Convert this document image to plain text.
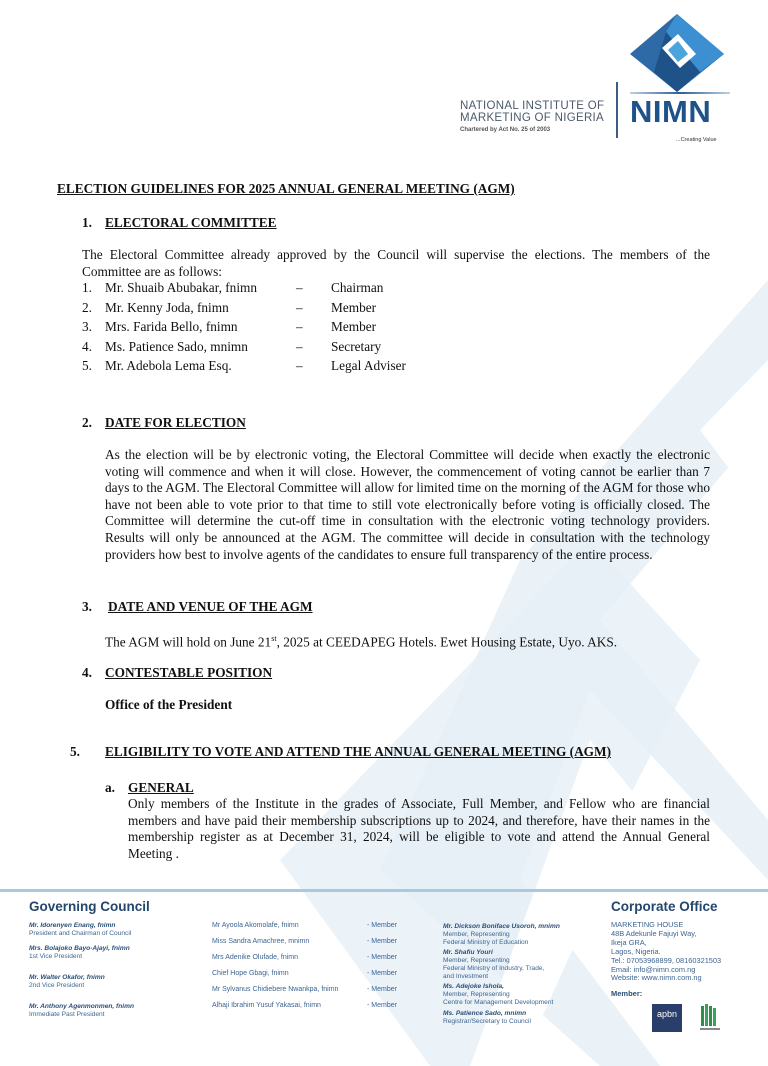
NATIONAL INSTITUTE OF
MARKETING OF NIGERIA
Chartered by Act No. 25 of 2003
NIMN
...Creating Value
ELECTION GUIDELINES FOR 2025 ANNUAL GENERAL MEETING (AGM)
1. ELECTORAL COMMITTEE
The Electoral Committee already approved by the Council will supervise the elections. The members of the Committee are as follows:
1. Mr. Shuaib Abubakar, fnimn	– Chairman
2. Mr. Kenny Joda, fnimn	– Member
3. Mrs. Farida Bello, fnimn	– Member
4. Ms. Patience Sado, mnimn	– Secretary
5. Mr. Adebola Lema Esq.	– Legal Adviser
2. DATE FOR ELECTION
As the election will be by electronic voting, the Electoral Committee will decide when exactly the electronic voting will commence and when it will close. However, the commencement of voting cannot be earlier than 7 days to the AGM. The Electoral Committee will allow for limited time on the morning of the AGM for those who have not been able to vote prior to that time to still vote electronically before voting is officially closed. The Committee will determine the cut-off time in consultation with the electronic voting technology providers. Results will only be announced at the AGM. The committee will decide in consultation with the technology providers how best to involve agents of the candidates to ensure full transparency of the entire process.
3. DATE AND VENUE OF THE AGM
The AGM will hold on June 21st, 2025 at CEEDAPEG Hotels. Ewet Housing Estate, Uyo. AKS.
4. CONTESTABLE POSITION
Office of the President
5. ELIGIBILITY TO VOTE AND ATTEND THE ANNUAL GENERAL MEETING (AGM)
a. GENERAL
Only members of the Institute in the grades of Associate, Full Member, and Fellow who are financial members and have paid their membership subscriptions up to 2024, and therefore, have their names in the membership register as at December 31, 2024, will be eligible to vote and attend the Annual General Meeting .
Governing Council
Mr. Idorenyen Enang, fnimn
President and Chairman of Council
Mrs. Bolajoko Bayo-Ajayi, fnimn
1st Vice President
Mr. Walter Okafor, fnimn
2nd Vice President
Mr. Anthony Agenmonmen, fnimn
Immediate Past President
Mr Ayoola Akomolafe, fnimn	- Member
Miss Sandra Amachree, mnimn	- Member
Mrs Adenike Olufade, fnimn	- Member
Chief Hope Gbagi, fnimn	- Member
Mr Sylvanus Chidiebere Nwankpa, fnimn	- Member
Alhaji Ibrahim Yusuf Yakasai, fnimn	- Member
Mr. Dickson Boniface Usoroh, mnimn
Member, Representing
Federal Ministry of Education
Mr. Shafiu Youri
Member, Representing
Federal Ministry of Industry, Trade,
and Investment
Ms. Adejoke Ishola,
Member, Representing
Centre for Management Development
Ms. Patience Sado, mnimn
Registrar/Secretary to Council
Corporate Office
MARKETING HOUSE
48B Adekunle Fajuyi Way,
Ikeja GRA,
Lagos, Nigeria.
Tel.: 07053968899, 08160321503
Email: info@nimn.com.ng
Website: www.nimn.com.ng
Member:
apbn
